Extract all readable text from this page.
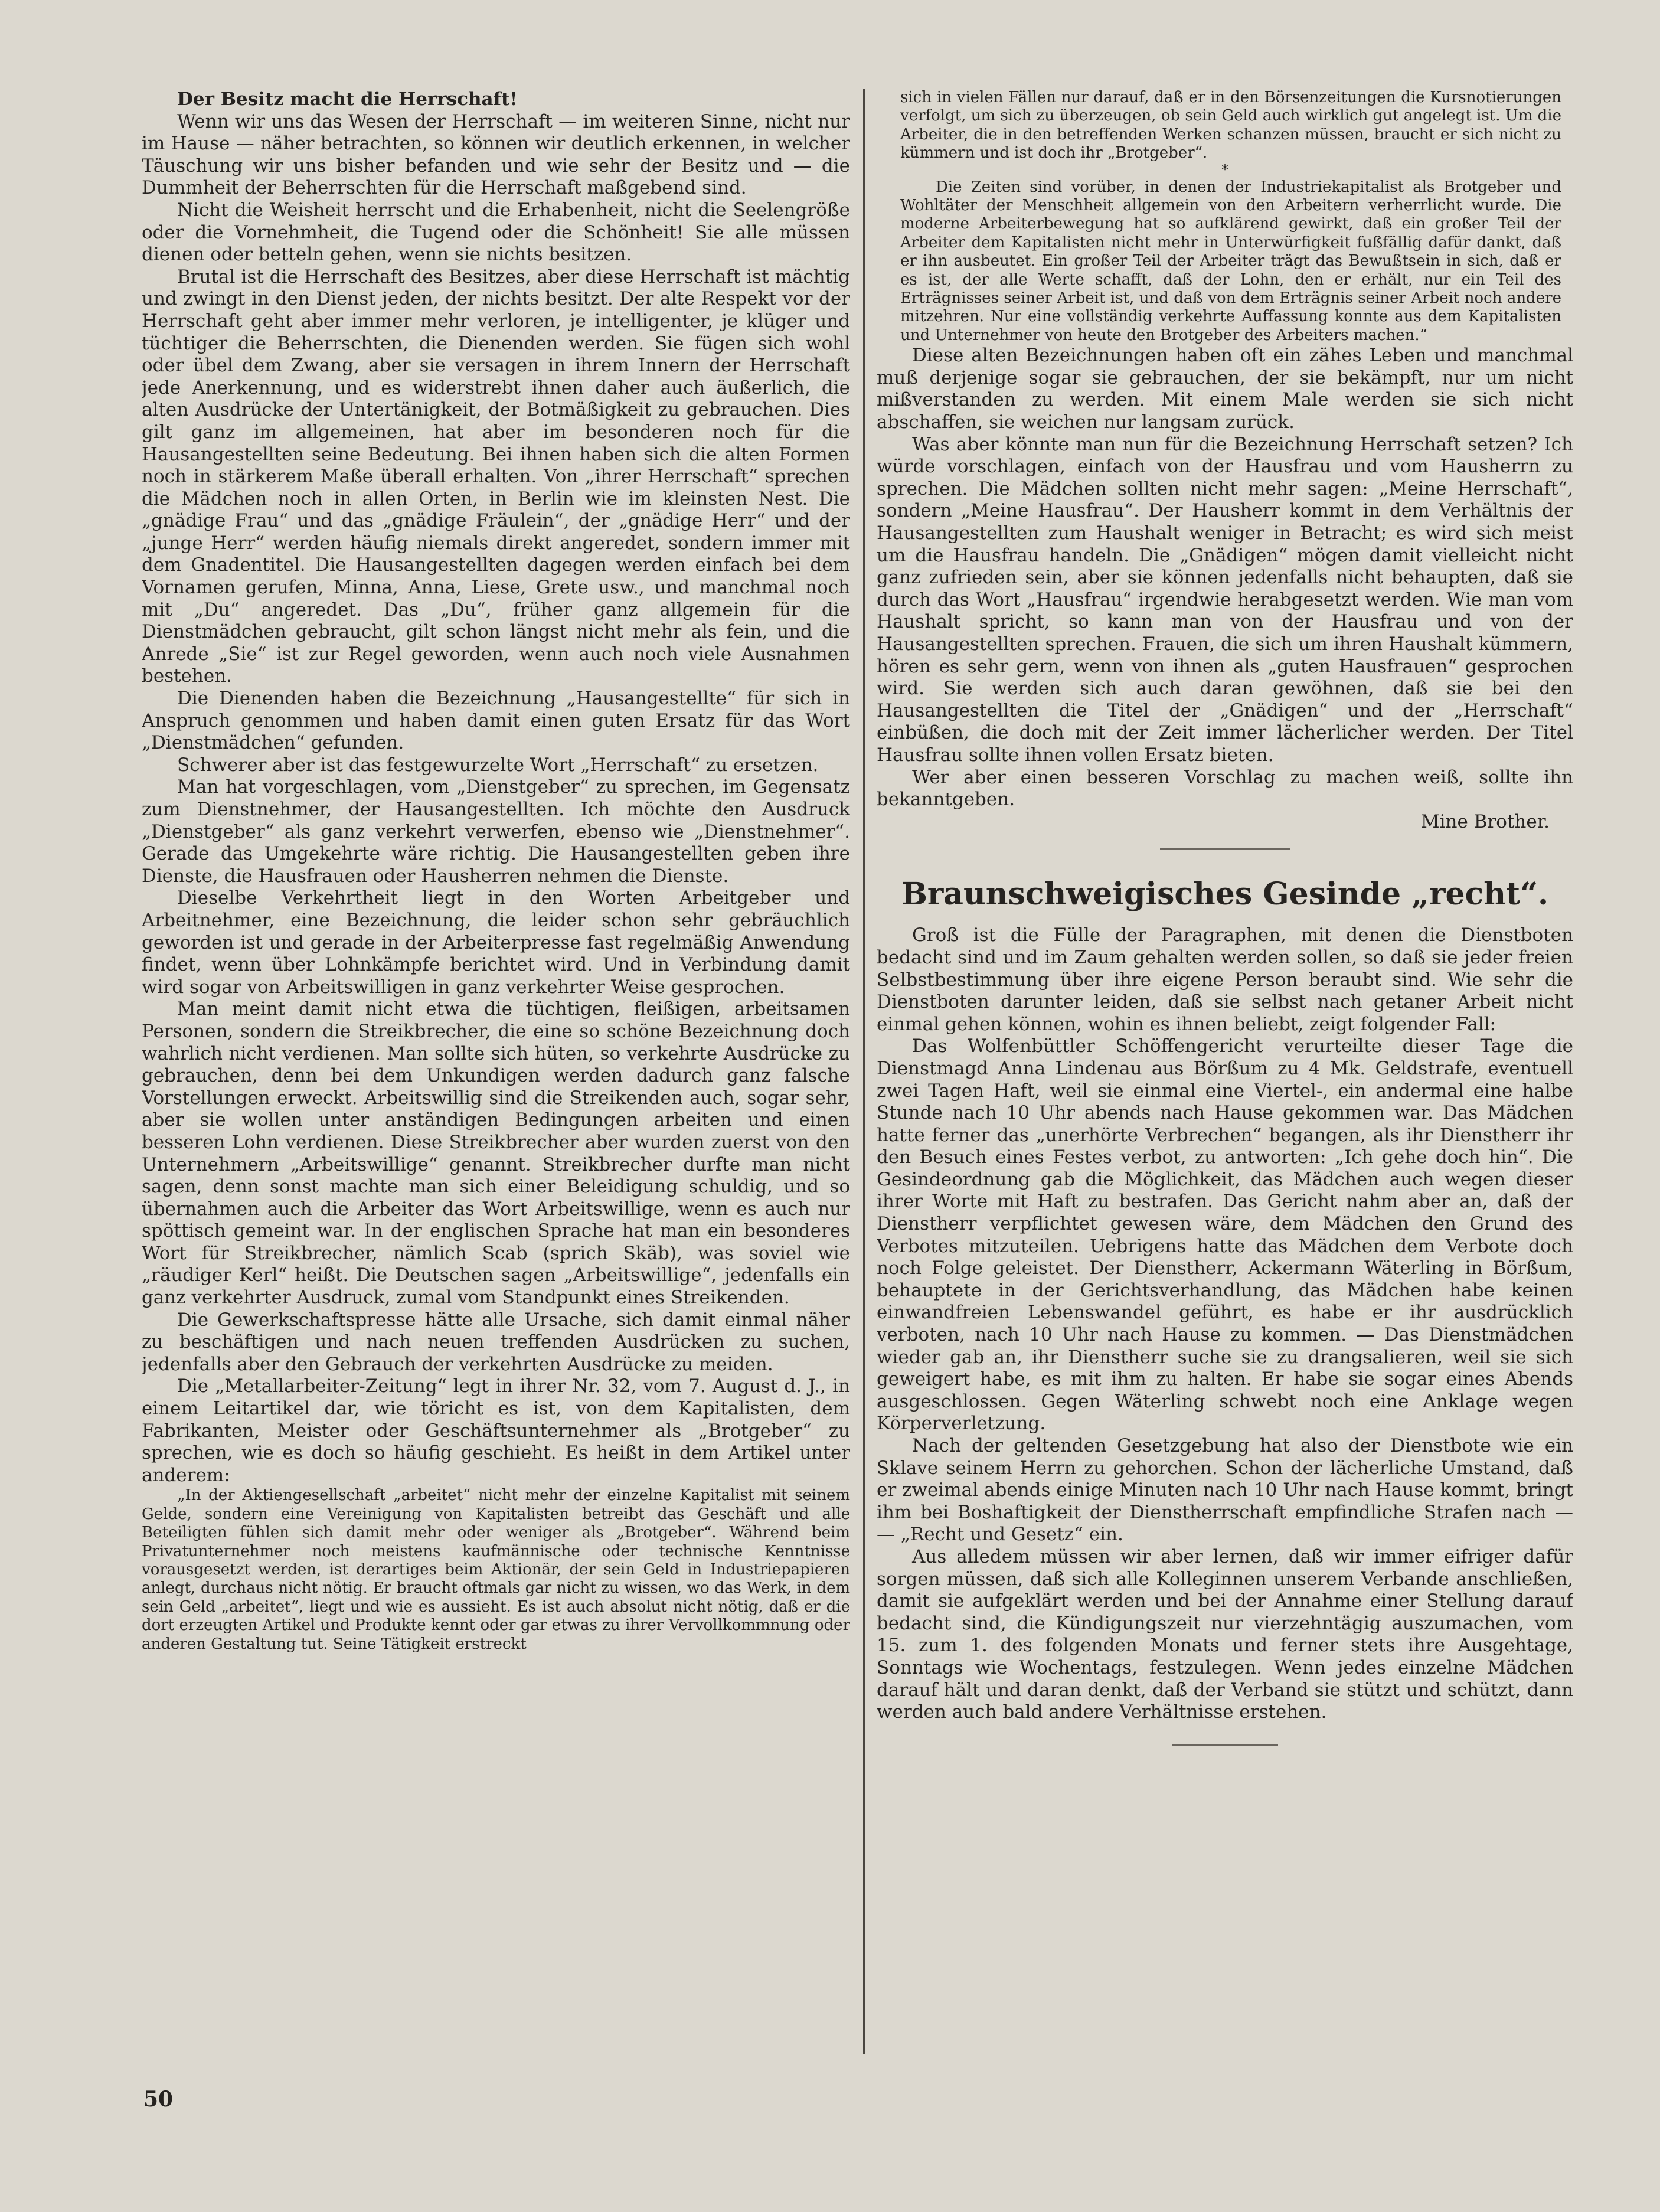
Der Besitz macht die Herrschaft!

Wenn wir uns das Wesen der Herrschaft — im weiteren Sinne, nicht nur im Hause — näher betrachten, so können wir deutlich erkennen, in welcher Täuschung wir uns bisher befanden und wie sehr der Besitz und — die Dummheit der Beherrschten für die Herrschaft maßgebend sind.

Nicht die Weisheit herrscht und die Erhabenheit, nicht die Seelengröße oder die Vornehmheit, die Tugend oder die Schönheit! Sie alle müssen dienen oder betteln gehen, wenn sie nichts besitzen.

Brutal ist die Herrschaft des Besitzes, aber diese Herrschaft ist mächtig und zwingt in den Dienst jeden, der nichts besitzt. Der alte Respekt vor der Herrschaft geht aber immer mehr verloren, je intelligenter, je klüger und tüchtiger die Beherrschten, die Dienenden werden. Sie fügen sich wohl oder übel dem Zwang, aber sie versagen in ihrem Innern der Herrschaft jede Anerkennung, und es widerstrebt ihnen daher auch äußerlich, die alten Ausdrücke der Untertänigkeit, der Botmäßigkeit zu gebrauchen. Dies gilt ganz im allgemeinen, hat aber im besonderen noch für die Hausangestellten seine Bedeutung. Bei ihnen haben sich die alten Formen noch in stärkerem Maße überall erhalten. Von „ihrer Herrschaft“ sprechen die Mädchen noch in allen Orten, in Berlin wie im kleinsten Nest. Die „gnädige Frau“ und das „gnädige Fräulein“, der „gnädige Herr“ und der „junge Herr“ werden häufig niemals direkt angeredet, sondern immer mit dem Gnadentitel. Die Hausangestellten dagegen werden einfach bei dem Vornamen gerufen, Minna, Anna, Liese, Grete usw., und manchmal noch mit „Du“ angeredet. Das „Du“, früher ganz allgemein für die Dienstmädchen gebraucht, gilt schon längst nicht mehr als fein, und die Anrede „Sie“ ist zur Regel geworden, wenn auch noch viele Ausnahmen bestehen.

Die Dienenden haben die Bezeichnung „Hausangestellte“ für sich in Anspruch genommen und haben damit einen guten Ersatz für das Wort „Dienstmädchen“ gefunden.

Schwerer aber ist das festgewurzelte Wort „Herrschaft“ zu ersetzen.

Man hat vorgeschlagen, vom „Dienstgeber“ zu sprechen, im Gegensatz zum Dienstnehmer, der Hausangestellten. Ich möchte den Ausdruck „Dienstgeber“ als ganz verkehrt verwerfen, ebenso wie „Dienstnehmer“. Gerade das Umgekehrte wäre richtig. Die Hausangestellten geben ihre Dienste, die Hausfrauen oder Hausherren nehmen die Dienste.

Dieselbe Verkehrtheit liegt in den Worten Arbeitgeber und Arbeitnehmer, eine Bezeichnung, die leider schon sehr gebräuchlich geworden ist und gerade in der Arbeiterpresse fast regelmäßig Anwendung findet, wenn über Lohnkämpfe berichtet wird. Und in Verbindung damit wird sogar von Arbeitswilligen in ganz verkehrter Weise gesprochen.

Man meint damit nicht etwa die tüchtigen, fleißigen, arbeitsamen Personen, sondern die Streikbrecher, die eine so schöne Bezeichnung doch wahrlich nicht verdienen. Man sollte sich hüten, so verkehrte Ausdrücke zu gebrauchen, denn bei dem Unkundigen werden dadurch ganz falsche Vorstellungen erweckt. Arbeitswillig sind die Streikenden auch, sogar sehr, aber sie wollen unter anständigen Bedingungen arbeiten und einen besseren Lohn verdienen. Diese Streikbrecher aber wurden zuerst von den Unternehmern „Arbeitswillige“ genannt. Streikbrecher durfte man nicht sagen, denn sonst machte man sich einer Beleidigung schuldig, und so übernahmen auch die Arbeiter das Wort Arbeitswillige, wenn es auch nur spöttisch gemeint war. In der englischen Sprache hat man ein besonderes Wort für Streikbrecher, nämlich Scab (sprich Skäb), was soviel wie „räudiger Kerl“ heißt. Die Deutschen sagen „Arbeitswillige“, jedenfalls ein ganz verkehrter Ausdruck, zumal vom Standpunkt eines Streikenden.

Die Gewerkschaftspresse hätte alle Ursache, sich damit einmal näher zu beschäftigen und nach neuen treffenden Ausdrücken zu suchen, jedenfalls aber den Gebrauch der verkehrten Ausdrücke zu meiden.

Die „Metallarbeiter-Zeitung“ legt in ihrer Nr. 32, vom 7. August d. J., in einem Leitartikel dar, wie töricht es ist, von dem Kapitalisten, dem Fabrikanten, Meister oder Geschäftsunternehmer als „Brotgeber“ zu sprechen, wie es doch so häufig geschieht. Es heißt in dem Artikel unter anderem:

„In der Aktiengesellschaft „arbeitet“ nicht mehr der einzelne Kapitalist mit seinem Gelde, sondern eine Vereinigung von Kapitalisten betreibt das Geschäft und alle Beteiligten fühlen sich damit mehr oder weniger als „Brotgeber“. Während beim Privatunternehmer noch meistens kaufmännische oder technische Kenntnisse vorausgesetzt werden, ist derartiges beim Aktionär, der sein Geld in Industriepapieren anlegt, durchaus nicht nötig. Er braucht oftmals gar nicht zu wissen, wo das Werk, in dem sein Geld „arbeitet“, liegt und wie es aussieht. Es ist auch absolut nicht nötig, daß er die dort erzeugten Artikel und Produkte kennt oder gar etwas zu ihrer Vervollkommnung oder anderen Gestaltung tut. Seine Tätigkeit erstreckt

sich in vielen Fällen nur darauf, daß er in den Börsenzeitungen die Kursnotierungen verfolgt, um sich zu überzeugen, ob sein Geld auch wirklich gut angelegt ist. Um die Arbeiter, die in den betreffenden Werken schanzen müssen, braucht er sich nicht zu kümmern und ist doch ihr „Brotgeber“.

*

Die Zeiten sind vorüber, in denen der Industriekapitalist als Brotgeber und Wohltäter der Menschheit allgemein von den Arbeitern verherrlicht wurde. Die moderne Arbeiterbewegung hat so aufklärend gewirkt, daß ein großer Teil der Arbeiter dem Kapitalisten nicht mehr in Unterwürfigkeit fußfällig dafür dankt, daß er ihn ausbeutet. Ein großer Teil der Arbeiter trägt das Bewußtsein in sich, daß er es ist, der alle Werte schafft, daß der Lohn, den er erhält, nur ein Teil des Erträgnisses seiner Arbeit ist, und daß von dem Erträgnis seiner Arbeit noch andere mitzehren. Nur eine vollständig verkehrte Auffassung konnte aus dem Kapitalisten und Unternehmer von heute den Brotgeber des Arbeiters machen.“

Diese alten Bezeichnungen haben oft ein zähes Leben und manchmal muß derjenige sogar sie gebrauchen, der sie bekämpft, nur um nicht mißverstanden zu werden. Mit einem Male werden sie sich nicht abschaffen, sie weichen nur langsam zurück.

Was aber könnte man nun für die Bezeichnung Herrschaft setzen? Ich würde vorschlagen, einfach von der Hausfrau und vom Hausherrn zu sprechen. Die Mädchen sollten nicht mehr sagen: „Meine Herrschaft“, sondern „Meine Hausfrau“. Der Hausherr kommt in dem Verhältnis der Hausangestellten zum Haushalt weniger in Betracht; es wird sich meist um die Hausfrau handeln. Die „Gnädigen“ mögen damit vielleicht nicht ganz zufrieden sein, aber sie können jedenfalls nicht behaupten, daß sie durch das Wort „Hausfrau“ irgendwie herabgesetzt werden. Wie man vom Haushalt spricht, so kann man von der Hausfrau und von der Hausangestellten sprechen. Frauen, die sich um ihren Haushalt kümmern, hören es sehr gern, wenn von ihnen als „guten Hausfrauen“ gesprochen wird. Sie werden sich auch daran gewöhnen, daß sie bei den Hausangestellten die Titel der „Gnädigen“ und der „Herrschaft“ einbüßen, die doch mit der Zeit immer lächerlicher werden. Der Titel Hausfrau sollte ihnen vollen Ersatz bieten.

Wer aber einen besseren Vorschlag zu machen weiß, sollte ihn bekanntgeben.

Mine Brother.

Braunschweigisches Gesinde „recht“.

Groß ist die Fülle der Paragraphen, mit denen die Dienstboten bedacht sind und im Zaum gehalten werden sollen, so daß sie jeder freien Selbstbestimmung über ihre eigene Person beraubt sind. Wie sehr die Dienstboten darunter leiden, daß sie selbst nach getaner Arbeit nicht einmal gehen können, wohin es ihnen beliebt, zeigt folgender Fall:

Das Wolfenbüttler Schöffengericht verurteilte dieser Tage die Dienstmagd Anna Lindenau aus Börßum zu 4 Mk. Geldstrafe, eventuell zwei Tagen Haft, weil sie einmal eine Viertel-, ein andermal eine halbe Stunde nach 10 Uhr abends nach Hause gekommen war. Das Mädchen hatte ferner das „unerhörte Verbrechen“ begangen, als ihr Dienstherr ihr den Besuch eines Festes verbot, zu antworten: „Ich gehe doch hin“. Die Gesindeordnung gab die Möglichkeit, das Mädchen auch wegen dieser ihrer Worte mit Haft zu bestrafen. Das Gericht nahm aber an, daß der Dienstherr verpflichtet gewesen wäre, dem Mädchen den Grund des Verbotes mitzuteilen. Uebrigens hatte das Mädchen dem Verbote doch noch Folge geleistet. Der Dienstherr, Ackermann Wäterling in Börßum, behauptete in der Gerichtsverhandlung, das Mädchen habe keinen einwandfreien Lebenswandel geführt, es habe er ihr ausdrücklich verboten, nach 10 Uhr nach Hause zu kommen. — Das Dienstmädchen wieder gab an, ihr Dienstherr suche sie zu drangsalieren, weil sie sich geweigert habe, es mit ihm zu halten. Er habe sie sogar eines Abends ausgeschlossen. Gegen Wäterling schwebt noch eine Anklage wegen Körperverletzung.

Nach der geltenden Gesetzgebung hat also der Dienstbote wie ein Sklave seinem Herrn zu gehorchen. Schon der lächerliche Umstand, daß er zweimal abends einige Minuten nach 10 Uhr nach Hause kommt, bringt ihm bei Boshaftigkeit der Dienstherrschaft empfindliche Strafen nach — — „Recht und Gesetz“ ein.

Aus alledem müssen wir aber lernen, daß wir immer eifriger dafür sorgen müssen, daß sich alle Kolleginnen unserem Verbande anschließen, damit sie aufgeklärt werden und bei der Annahme einer Stellung darauf bedacht sind, die Kündigungszeit nur vierzehntägig auszumachen, vom 15. zum 1. des folgenden Monats und ferner stets ihre Ausgehtage, Sonntags wie Wochentags, festzulegen. Wenn jedes einzelne Mädchen darauf hält und daran denkt, daß der Verband sie stützt und schützt, dann werden auch bald andere Verhältnisse erstehen.

50
